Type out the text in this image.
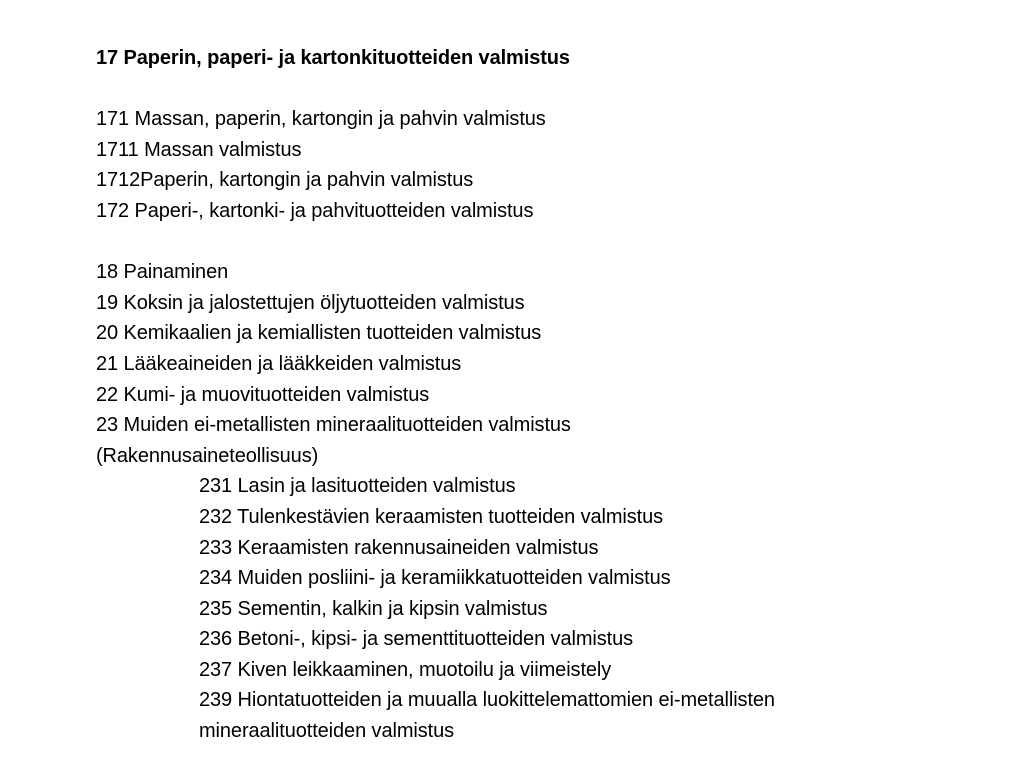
17 Paperin, paperi- ja kartonkituotteiden valmistus
171 Massan, paperin, kartongin ja pahvin valmistus
1711 Massan valmistus
1712Paperin, kartongin ja pahvin valmistus
172 Paperi-, kartonki- ja pahvituotteiden valmistus
18 Painaminen
19 Koksin ja jalostettujen öljytuotteiden valmistus
20 Kemikaalien ja kemiallisten tuotteiden valmistus
21 Lääkeaineiden ja lääkkeiden valmistus
22 Kumi- ja muovituotteiden valmistus
23 Muiden ei-metallisten mineraalituotteiden valmistus
(Rakennusaineteollisuus)
231 Lasin ja lasituotteiden valmistus
232 Tulenkestävien keraamisten tuotteiden valmistus
233 Keraamisten rakennusaineiden valmistus
234 Muiden posliini- ja keramiikkatuotteiden valmistus
235 Sementin, kalkin ja kipsin valmistus
236 Betoni-, kipsi- ja sementtituotteiden valmistus
237 Kiven leikkaaminen, muotoilu ja viimeistely
239 Hiontatuotteiden ja muualla luokittelemattomien ei-metallisten
mineraalituotteiden valmistus
